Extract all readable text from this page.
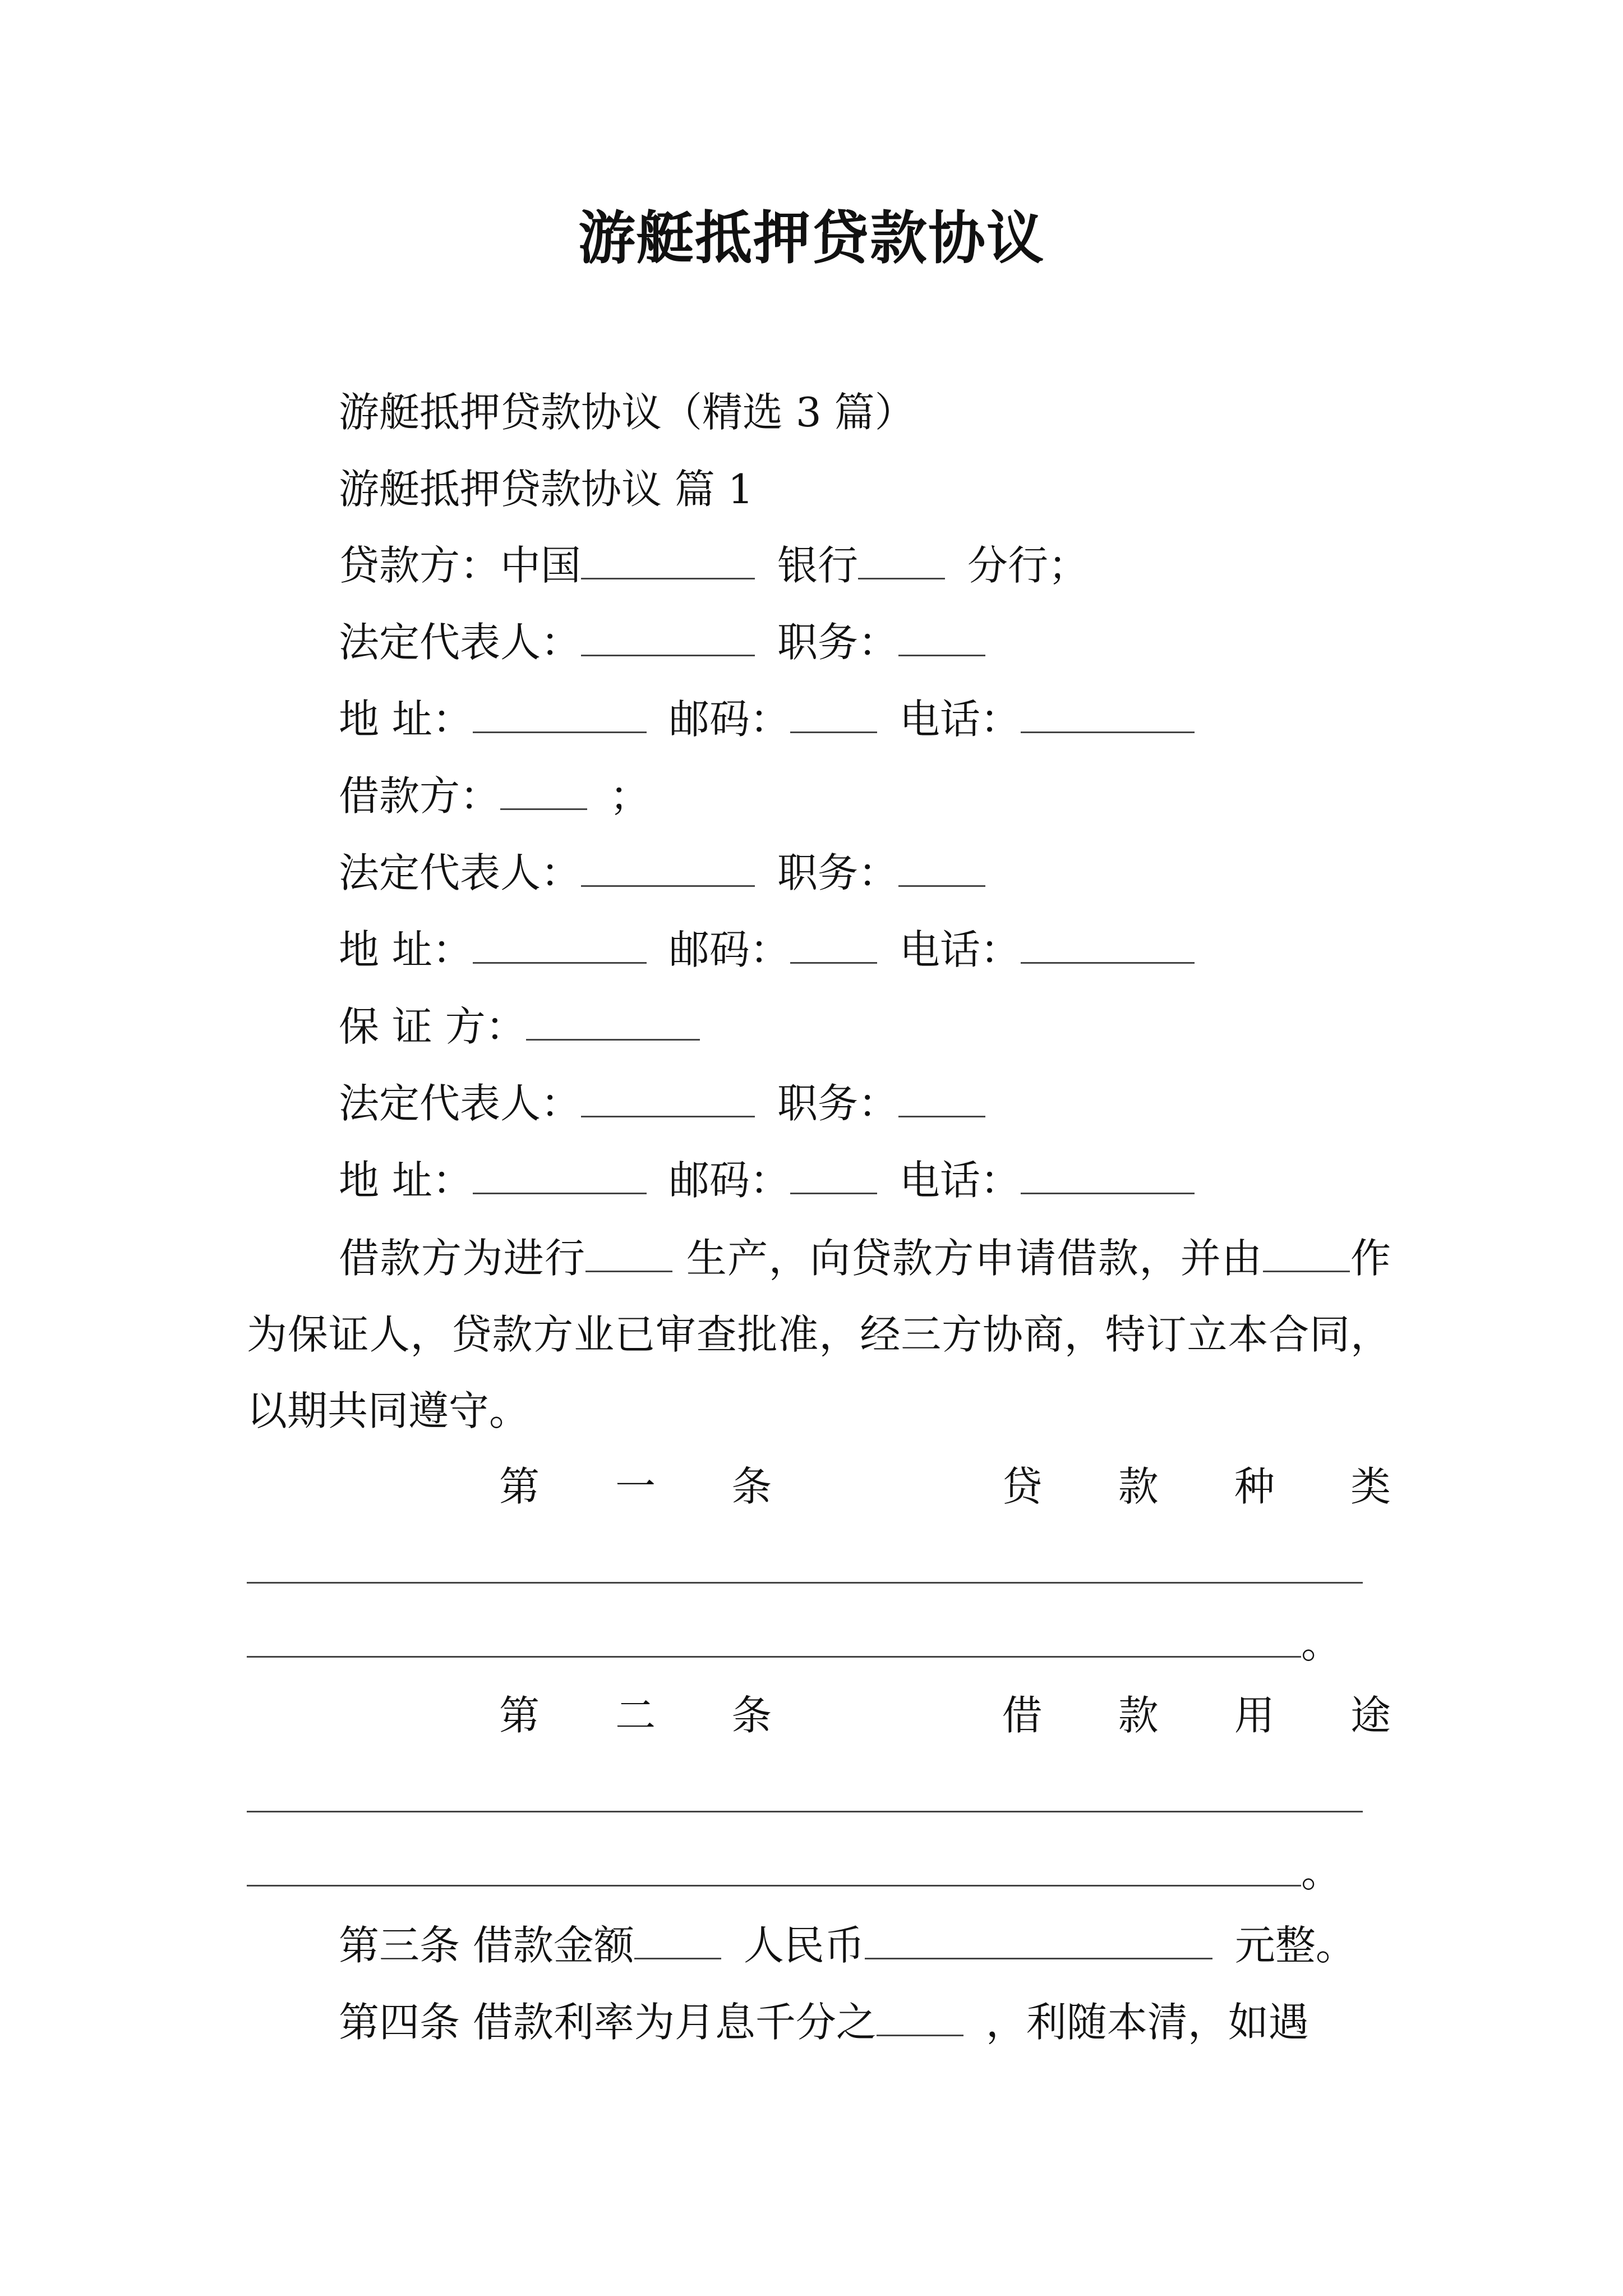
游艇抵押贷款协议
游艇抵押贷款协议（精选 3 篇）
游艇抵押贷款协议 篇 1
贷款方：中国	银行	分行；
法定代表人：	职务：
地 址：	邮码：	电话：
借款方：	；
法定代表人：	职务：
地 址：	邮码：	电话：
保 证 方：
法定代表人：	职务：
地 址：	邮码：	电话：

借款方为进行 生产，向贷款方申请借款，并由 作为保证人，贷款方业已审查批准，经三方协商，特订立本合同，以期共同遵守。

第 一 条	贷 款 种 类
。
第 二 条	借 款 用 途
。
第三条 借款金额	人民币	元整。
第四条 借款利率为月息千分之	，利随本清，如遇
